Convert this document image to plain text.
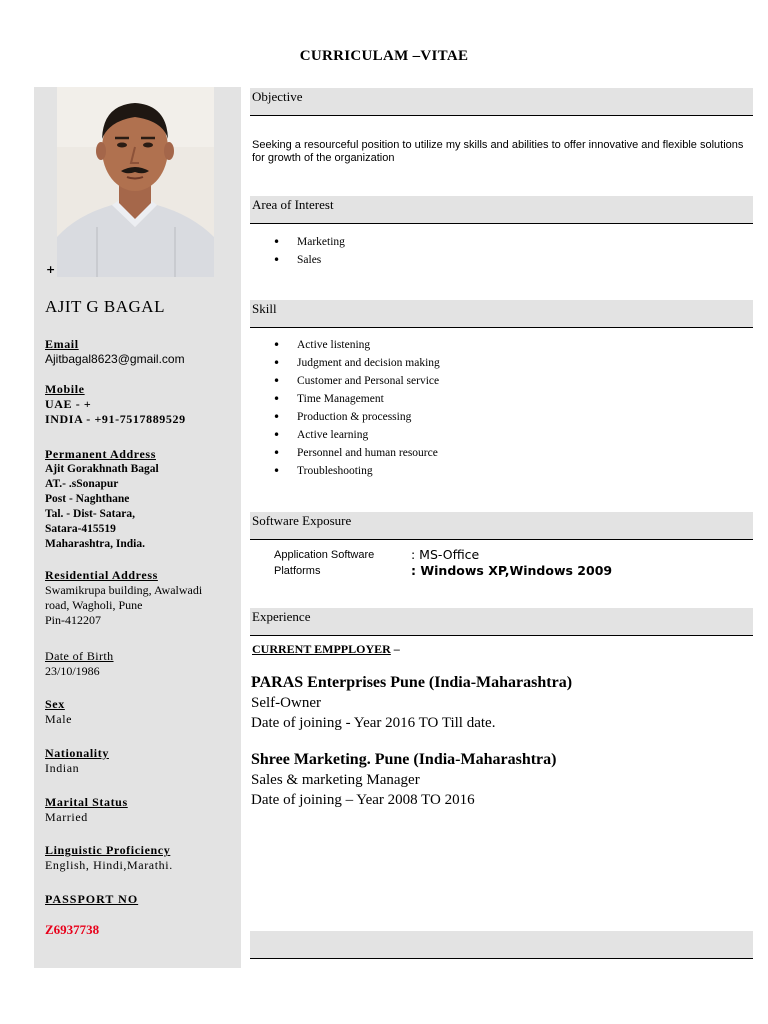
CURRICULAM –VITAE
+
AJIT G BAGAL
Email
Ajitbagal8623@gmail.com
Mobile
UAE - +
INDIA - +91-7517889529
Permanent Address
Ajit Gorakhnath Bagal
AT.- .sSonapur
Post - Naghthane
Tal. - Dist- Satara,
Satara-415519
Maharashtra, India.
Residential Address
Swamikrupa building, Awalwadi
road, Wagholi, Pune
Pin-412207
Date of Birth
23/10/1986
Sex
Male
Nationality
Indian
Marital Status
Married
Linguistic Proficiency
English, Hindi,Marathi.
PASSPORT NO
Z6937738
Objective
Seeking a resourceful position to utilize my skills and abilities to offer innovative and flexible solutions for growth of the organization
Area of Interest
• Marketing
• Sales
Skill
• Active listening
• Judgment and decision making
• Customer and Personal service
• Time Management
• Production & processing
• Active learning
• Personnel and human resource
• Troubleshooting
Software Exposure
Application Software	: MS-Office
Platforms	: Windows XP,Windows 2009
Experience
CURRENT EMPPLOYER –
PARAS Enterprises Pune (India-Maharashtra)
Self-Owner
Date of joining - Year 2016 TO Till date.
Shree Marketing. Pune (India-Maharashtra)
Sales & marketing Manager
Date of joining – Year 2008 TO 2016
